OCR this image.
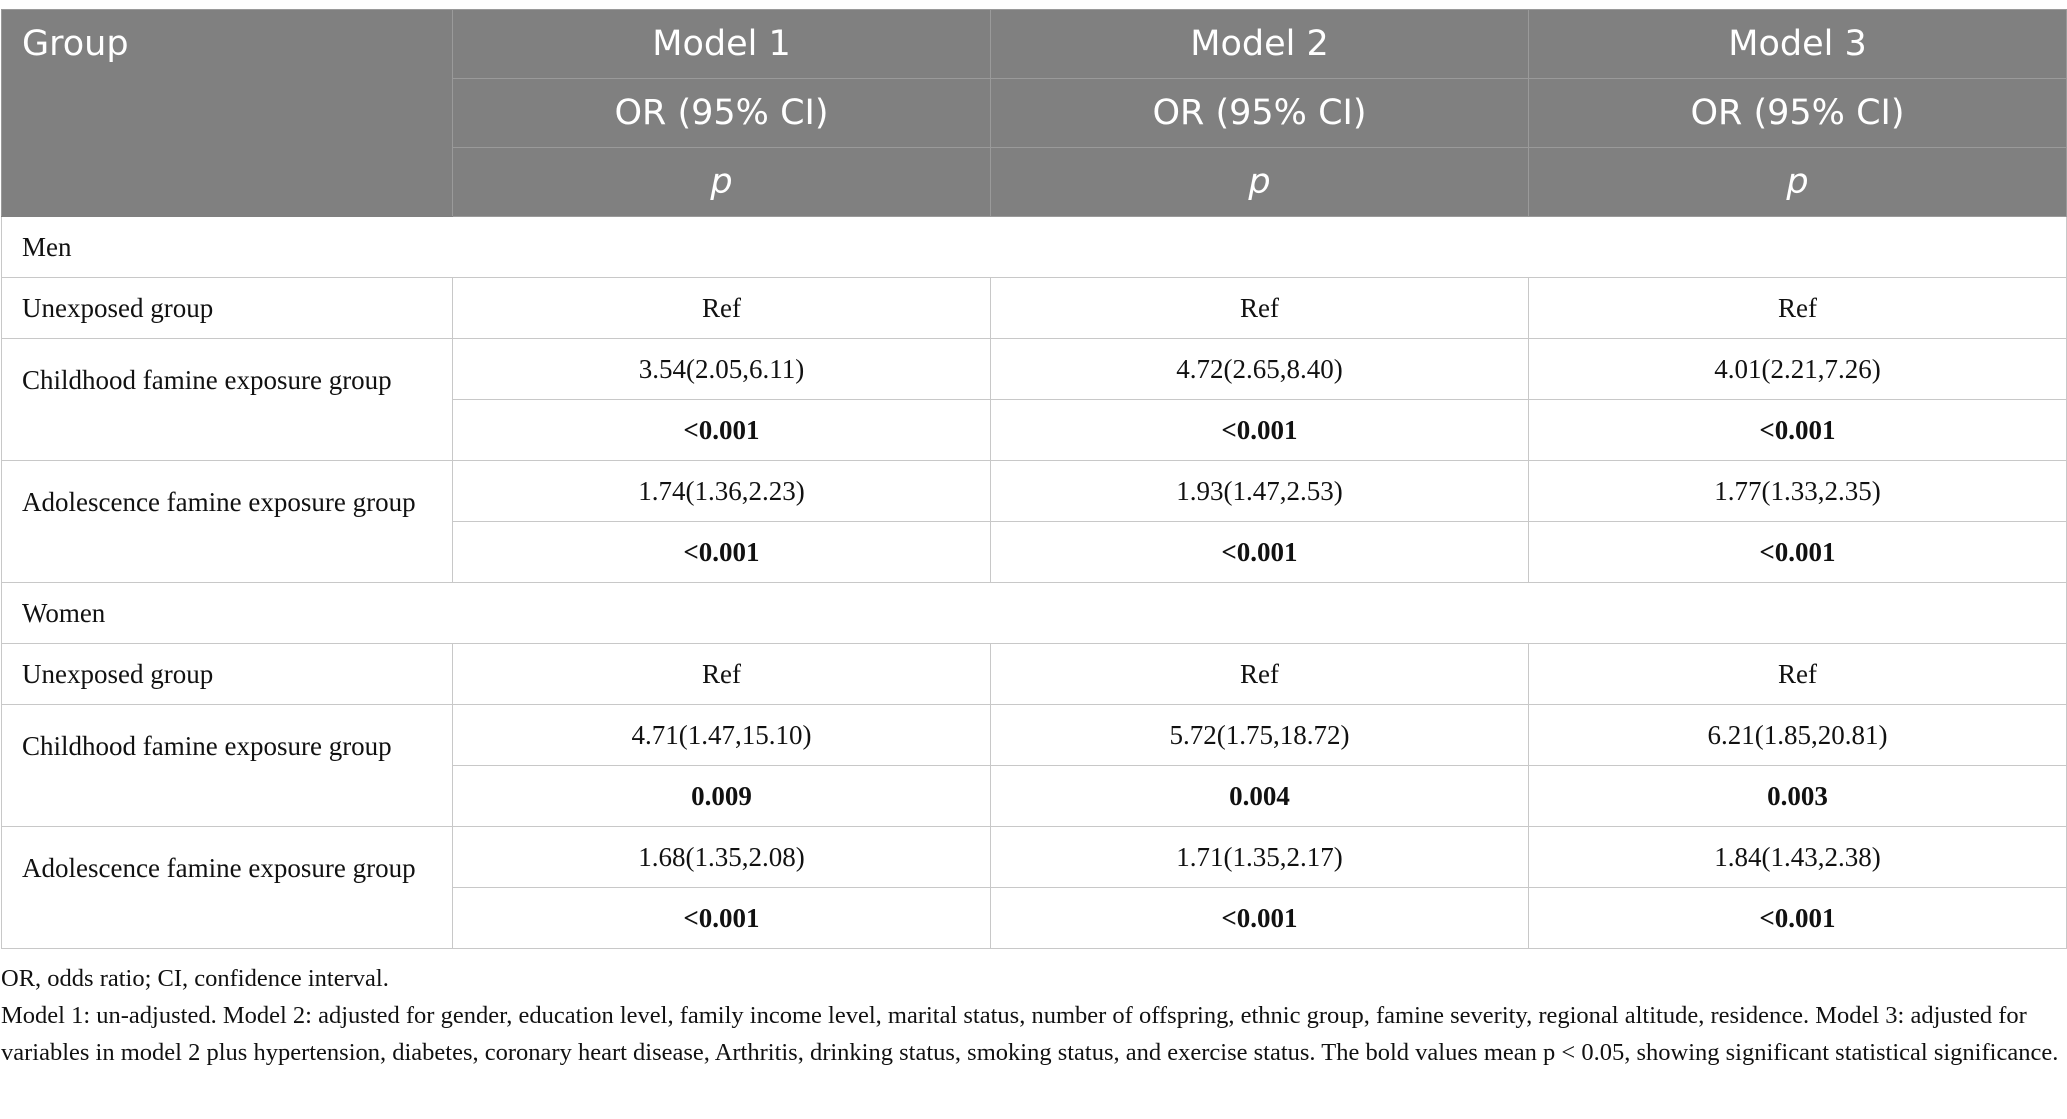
Group	Model 1	Model 2	Model 3
	OR (95% CI)	OR (95% CI)	OR (95% CI)
	p	p	p
Men			
Unexposed group	Ref	Ref	Ref
Childhood famine exposure group	3.54(2.05,6.11)	4.72(2.65,8.40)	4.01(2.21,7.26)
	<0.001	<0.001	<0.001
Adolescence famine exposure group	1.74(1.36,2.23)	1.93(1.47,2.53)	1.77(1.33,2.35)
	<0.001	<0.001	<0.001
Women			
Unexposed group	Ref	Ref	Ref
Childhood famine exposure group	4.71(1.47,15.10)	5.72(1.75,18.72)	6.21(1.85,20.81)
	0.009	0.004	0.003
Adolescence famine exposure group	1.68(1.35,2.08)	1.71(1.35,2.17)	1.84(1.43,2.38)
	<0.001	<0.001	<0.001

OR, odds ratio; CI, confidence interval.

Model 1: un-adjusted. Model 2: adjusted for gender, education level, family income level, marital status, number of offspring, ethnic group, famine severity, regional altitude, residence. Model 3: adjusted for variables in model 2 plus hypertension, diabetes, coronary heart disease, Arthritis, drinking status, smoking status, and exercise status. The bold values mean p < 0.05, showing significant statistical significance.
